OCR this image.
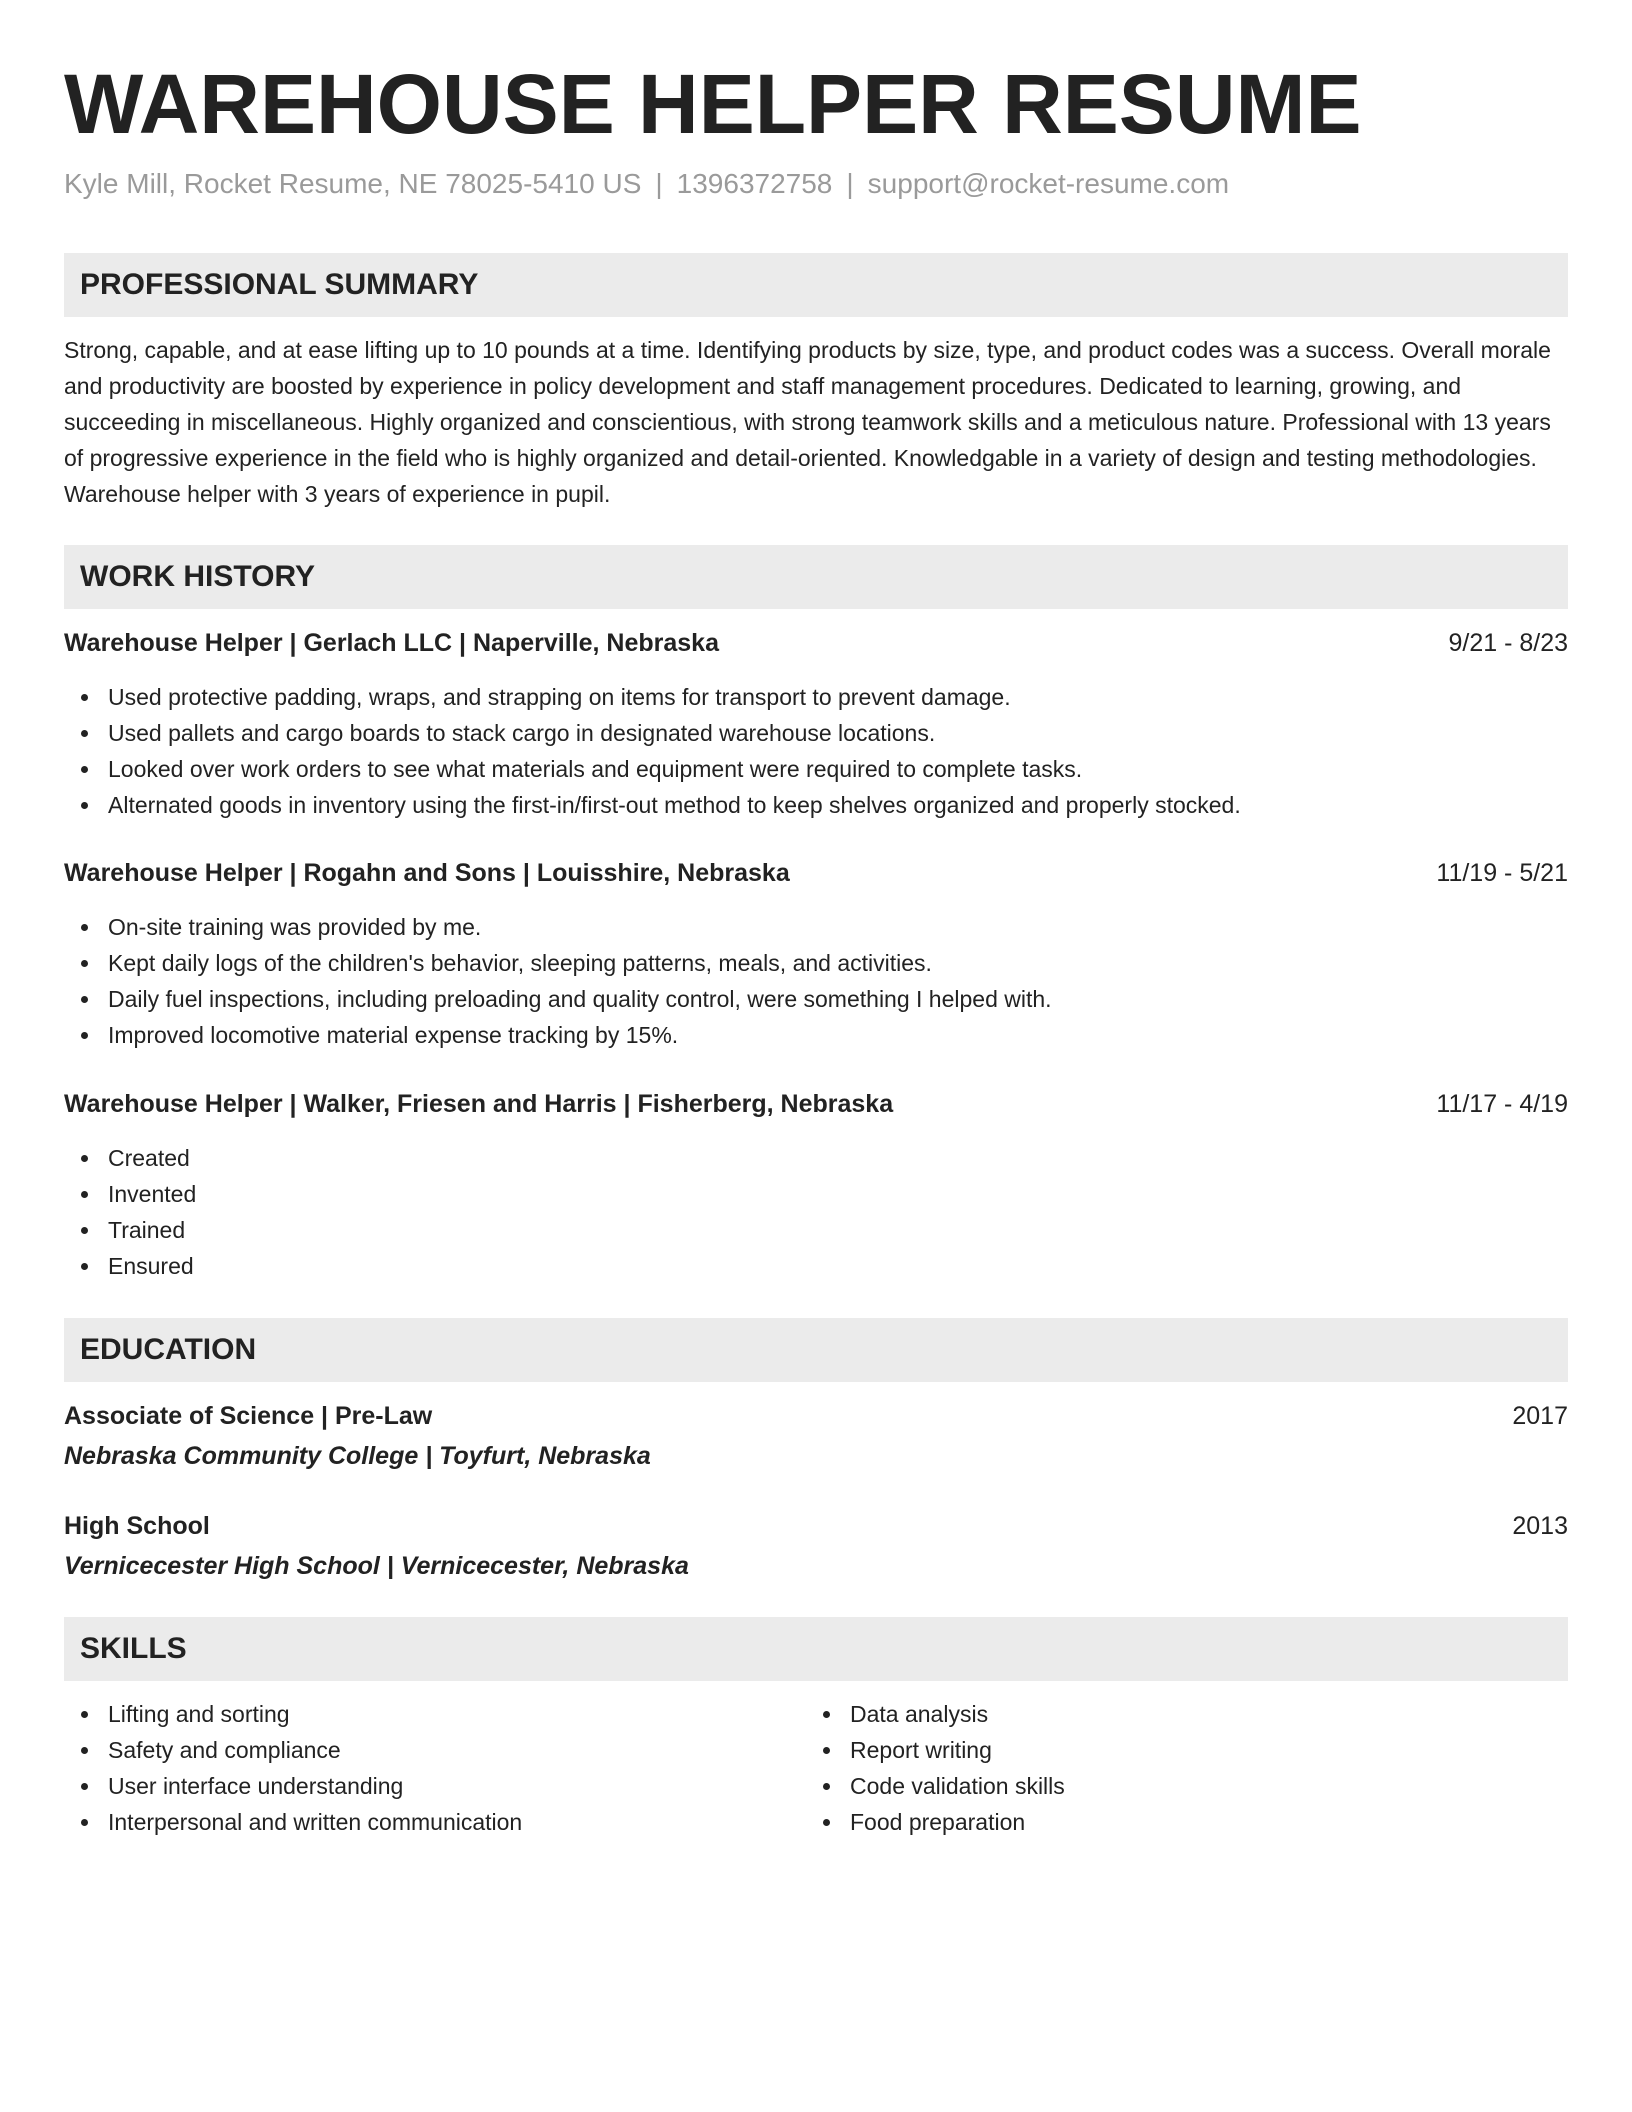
WAREHOUSE HELPER RESUME
Kyle Mill, Rocket Resume, NE 78025-5410 US | 1396372758 | support@rocket-resume.com
PROFESSIONAL SUMMARY
Strong, capable, and at ease lifting up to 10 pounds at a time. Identifying products by size, type, and product codes was a success. Overall morale and productivity are boosted by experience in policy development and staff management procedures. Dedicated to learning, growing, and succeeding in miscellaneous. Highly organized and conscientious, with strong teamwork skills and a meticulous nature. Professional with 13 years of progressive experience in the field who is highly organized and detail-oriented. Knowledgable in a variety of design and testing methodologies. Warehouse helper with 3 years of experience in pupil.
WORK HISTORY
Warehouse Helper | Gerlach LLC | Naperville, Nebraska	9/21 - 8/23
Used protective padding, wraps, and strapping on items for transport to prevent damage.
Used pallets and cargo boards to stack cargo in designated warehouse locations.
Looked over work orders to see what materials and equipment were required to complete tasks.
Alternated goods in inventory using the first-in/first-out method to keep shelves organized and properly stocked.
Warehouse Helper | Rogahn and Sons | Louisshire, Nebraska	11/19 - 5/21
On-site training was provided by me.
Kept daily logs of the children's behavior, sleeping patterns, meals, and activities.
Daily fuel inspections, including preloading and quality control, were something I helped with.
Improved locomotive material expense tracking by 15%.
Warehouse Helper | Walker, Friesen and Harris | Fisherberg, Nebraska	11/17 - 4/19
Created
Invented
Trained
Ensured
EDUCATION
Associate of Science | Pre-Law	2017
Nebraska Community College | Toyfurt, Nebraska
High School	2013
Vernicecester High School | Vernicecester, Nebraska
SKILLS
Lifting and sorting
Safety and compliance
User interface understanding
Interpersonal and written communication
Data analysis
Report writing
Code validation skills
Food preparation
